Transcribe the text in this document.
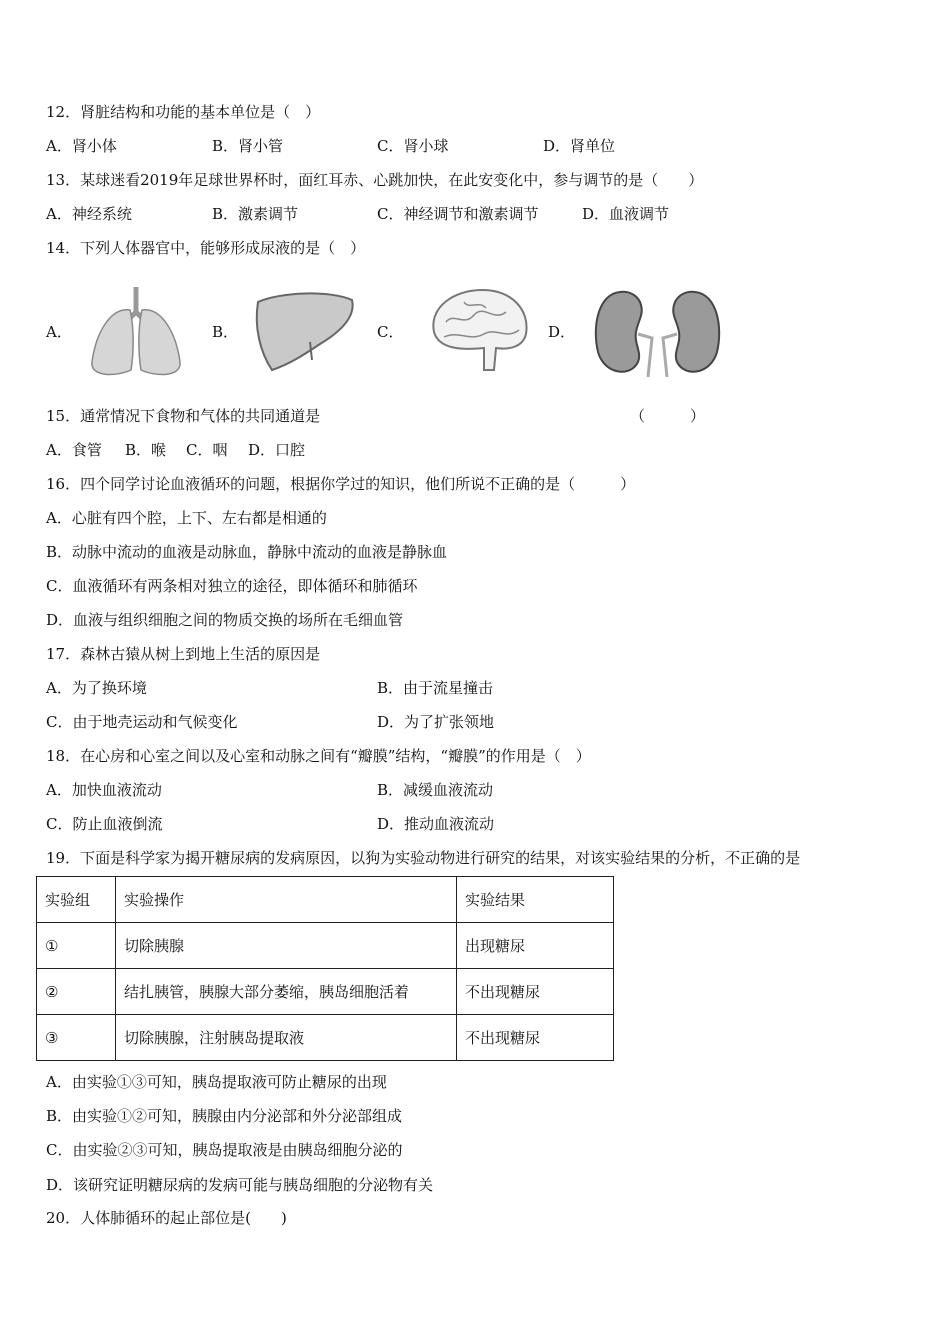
12．肾脏结构和功能的基本单位是（　）
A．肾小体	B．肾小管	C．肾小球	D．肾单位
13．某球迷看2019年足球世界杯时，面红耳赤、心跳加快，在此安变化中，参与调节的是（　　）
A．神经系统	B．激素调节	C．神经调节和激素调节	D．血液调节
14．下列人体器官中，能够形成尿液的是（　）
A．	B．	C．	D．
15．通常情况下食物和气体的共同通道是	（　　　）
A．食管 B．喉 C．咽 D．口腔
16．四个同学讨论血液循环的问题，根据你学过的知识，他们所说不正确的是（　　　）
A．心脏有四个腔，上下、左右都是相通的
B．动脉中流动的血液是动脉血，静脉中流动的血液是静脉血
C．血液循环有两条相对独立的途径，即体循环和肺循环
D．血液与组织细胞之间的物质交换的场所在毛细血管
17．森林古猿从树上到地上生活的原因是
A．为了换环境	B．由于流星撞击
C．由于地壳运动和气候变化	D．为了扩张领地
18．在心房和心室之间以及心室和动脉之间有“瓣膜”结构，“瓣膜”的作用是（　）
A．加快血液流动	B．减缓血液流动
C．防止血液倒流	D．推动血液流动
19．下面是科学家为揭开糖尿病的发病原因，以狗为实验动物进行研究的结果，对该实验结果的分析，不正确的是
实验组	实验操作	实验结果
①	切除胰腺	出现糖尿
②	结扎胰管，胰腺大部分萎缩，胰岛细胞活着	不出现糖尿
③	切除胰腺，注射胰岛提取液	不出现糖尿
A．由实验①③可知，胰岛提取液可防止糖尿的出现
B．由实验①②可知，胰腺由内分泌部和外分泌部组成
C．由实验②③可知，胰岛提取液是由胰岛细胞分泌的
D．该研究证明糖尿病的发病可能与胰岛细胞的分泌物有关
20．人体肺循环的起止部位是(　　)
